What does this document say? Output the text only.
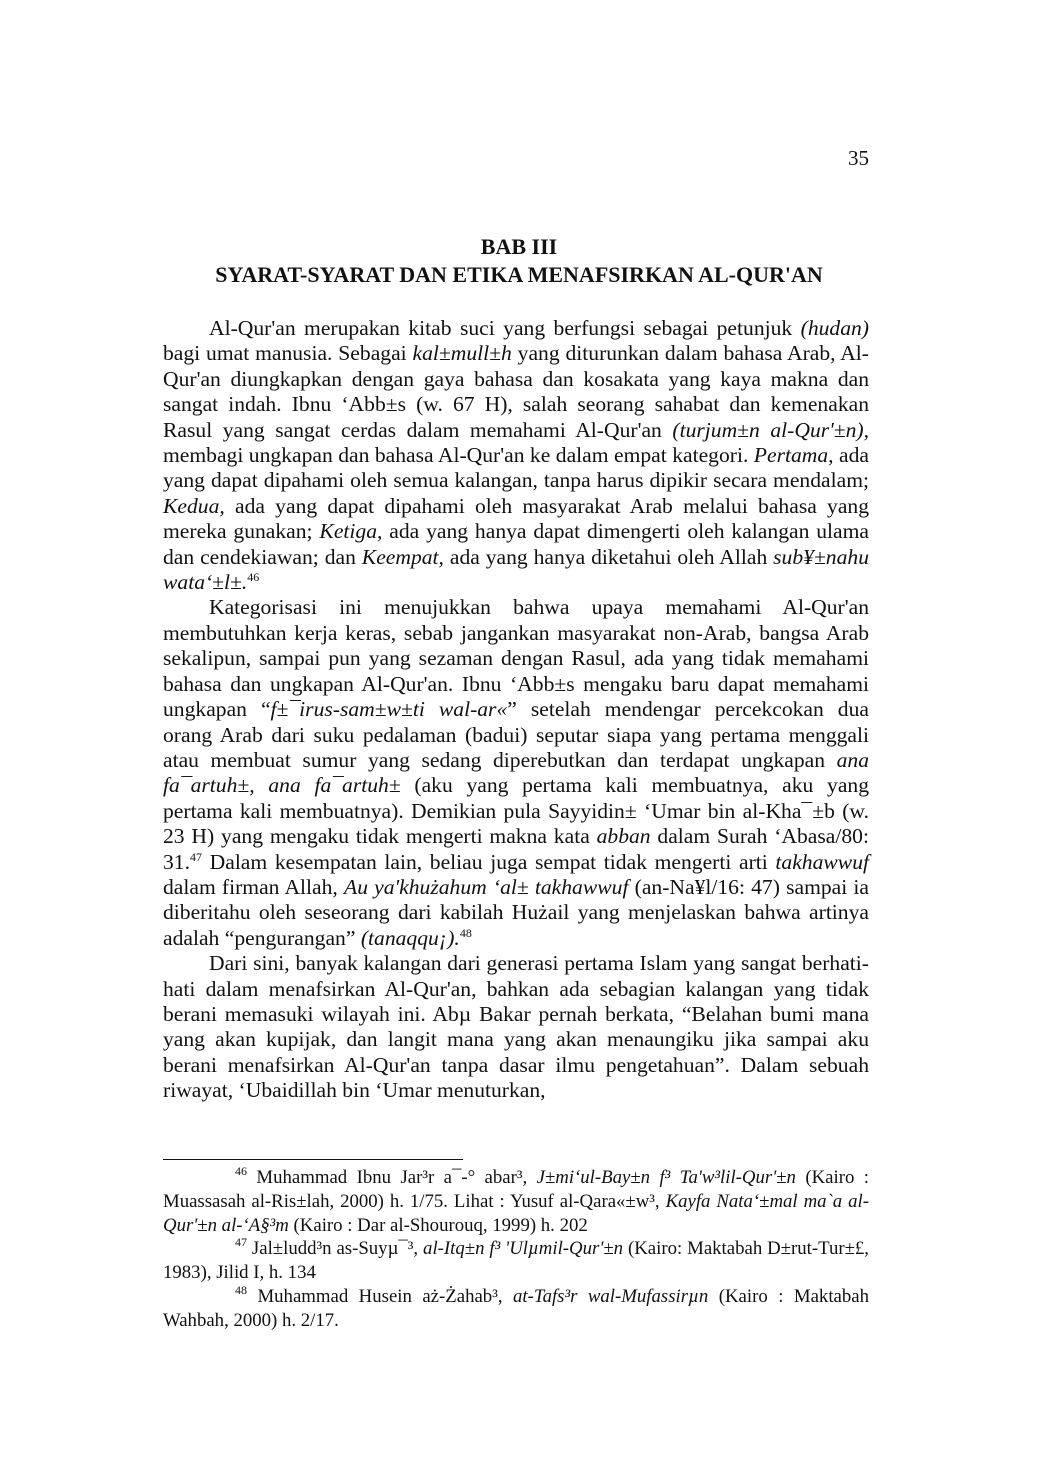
35
BAB III
SYARAT-SYARAT DAN ETIKA MENAFSIRKAN AL-QUR'AN

Al-Qur'an merupakan kitab suci yang berfungsi sebagai petunjuk (hudan) bagi umat manusia. Sebagai kal±mull±h yang diturunkan dalam bahasa Arab, Al-Qur'an diungkapkan dengan gaya bahasa dan kosakata yang kaya makna dan sangat indah. Ibnu ‘Abb±s (w. 67 H), salah seorang sahabat dan kemenakan Rasul yang sangat cerdas dalam memahami Al-Qur'an (turjum±n al-Qur'±n), membagi ungkapan dan bahasa Al-Qur'an ke dalam empat kategori. Pertama, ada yang dapat dipahami oleh semua kalangan, tanpa harus dipikir secara mendalam; Kedua, ada yang dapat dipahami oleh masyarakat Arab melalui bahasa yang mereka gunakan; Ketiga, ada yang hanya dapat dimengerti oleh kalangan ulama dan cendekiawan; dan Keempat, ada yang hanya diketahui oleh Allah sub¥±nahu wata‘±l±.$^{46}$

Kategorisasi ini menujukkan bahwa upaya memahami Al-Qur'an membutuhkan kerja keras, sebab jangankan masyarakat non-Arab, bangsa Arab sekalipun, sampai pun yang sezaman dengan Rasul, ada yang tidak memahami bahasa dan ungkapan Al-Qur'an. Ibnu ‘Abb±s mengaku baru dapat memahami ungkapan “f±¯irus-sam±w±ti wal-ar«” setelah mendengar percekcokan dua orang Arab dari suku pedalaman (badui) seputar siapa yang pertama menggali atau membuat sumur yang sedang diperebutkan dan terdapat ungkapan ana fa¯artuh±, ana fa¯artuh± (aku yang pertama kali membuatnya, aku yang pertama kali membuatnya). Demikian pula Sayyidin± ‘Umar bin al-Kha¯±b (w. 23 H) yang mengaku tidak mengerti makna kata abban dalam Surah ‘Abasa/80: 31.47 Dalam kesempatan lain, beliau juga sempat tidak mengerti arti takhawwuf dalam firman Allah, Au ya'khużahum ‘al± takhawwuf (an-Na¥l/16: 47) sampai ia diberitahu oleh seseorang dari kabilah Hużail yang menjelaskan bahwa artinya adalah “pengurangan” (tanaqqu¡).$^{48}$

Dari sini, banyak kalangan dari generasi pertama Islam yang sangat berhati-hati dalam menafsirkan Al-Qur'an, bahkan ada sebagian kalangan yang tidak berani memasuki wilayah ini. Abµ Bakar pernah berkata, “Belahan bumi mana yang akan kupijak, dan langit mana yang akan menaungiku jika sampai aku berani menafsirkan Al-Qur'an tanpa dasar ilmu pengetahuan”. Dalam sebuah riwayat, ‘Ubaidillah bin ‘Umar menuturkan,

$^{46}$ Muhammad Ibnu Jar³r a¯-° abar³, J±mi‘ul-Bay±n f³ Ta'w³lil-Qur'±n (Kairo : Muassasah al-Ris±lah, 2000) h. 1/75. Lihat : Yusuf al-Qara«±w³, Kayfa Nata‘±mal ma`a al-Qur'±n al-‘A§³m (Kairo : Dar al-Shourouq, 1999) h. 202

$^{47}$ Jal±ludd³n as-Suyµ¯³, al-Itq±n f³ 'Ulµmil-Qur'±n (Kairo: Maktabah D±rut-Tur±£, 1983), Jilid I, h. 134

$^{48}$ Muhammad Husein aż-Żahab³, at-Tafs³r wal-Mufassirµn (Kairo : Maktabah Wahbah, 2000) h. 2/17.
